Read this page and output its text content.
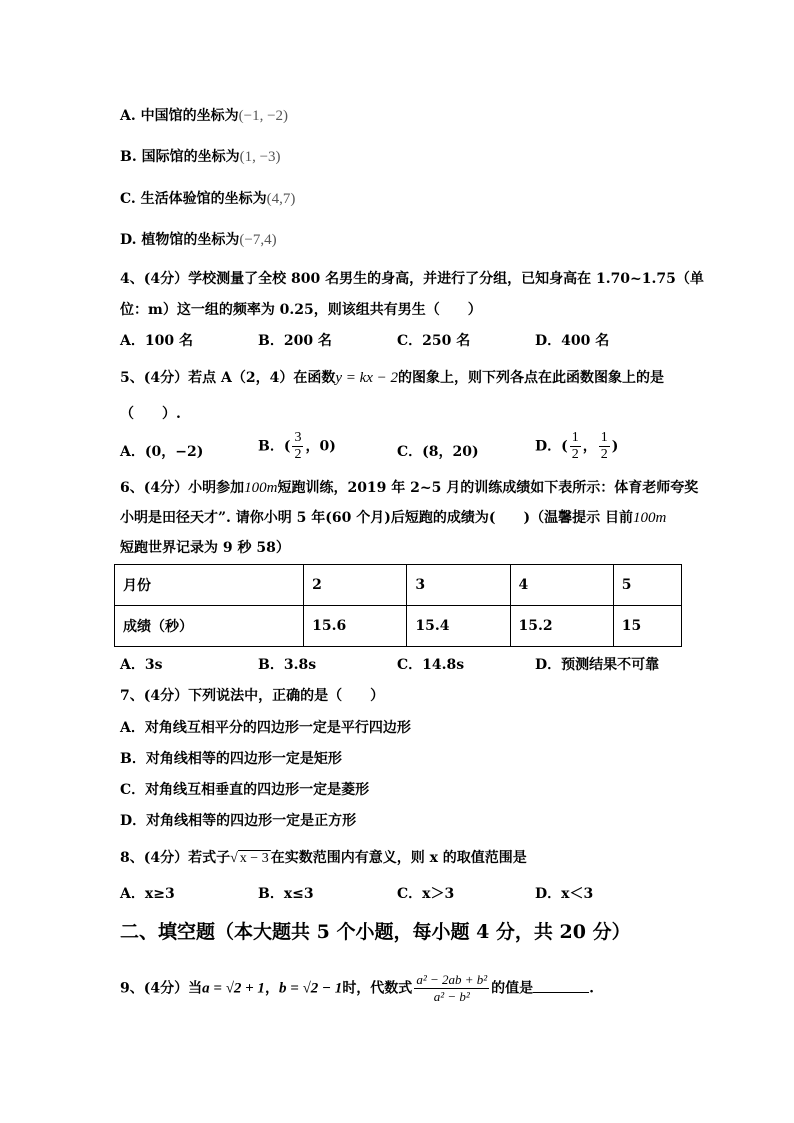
A. 中国馆的坐标为(−1, −2)
B. 国际馆的坐标为(1, −3)
C. 生活体验馆的坐标为(4,7)
D. 植物馆的坐标为(−7,4)
4、(4分）学校测量了全校 800 名男生的身高，并进行了分组，已知身高在 1.70~1.75（单
位：m）这一组的频率为 0.25，则该组共有男生（　　）
A．100 名	B．200 名	C．250 名	D．400 名
5、(4分）若点 A（2，4）在函数y = kx − 2的图象上，则下列各点在此函数图象上的是
（　　）.
A．(0，−2)	B．( $\frac{3}{2}$ ，0)	C．(8，20)	D．( $\frac{1}{2}$ ， $\frac{1}{2}$ )
6、(4分）小明参加100m短跑训练，2019 年 2~5 月的训练成绩如下表所示：体育老师夸奖
小明是田径天才”. 请你小明 5 年(60 个月)后短跑的成绩为(　　)（温馨提示 目前100m
短跑世界记录为 9 秒 58）
月份	2	3	4	5
成绩（秒）	15.6	15.4	15.2	15
A．3s	B．3.8s	C．14.8s	D．预测结果不可靠
7、(4分）下列说法中，正确的是（　　）
A．对角线互相平分的四边形一定是平行四边形
B．对角线相等的四边形一定是矩形
C．对角线互相垂直的四边形一定是菱形
D．对角线相等的四边形一定是正方形
8、(4分）若式子√ x − 3 在实数范围内有意义，则 x 的取值范围是
A．x≥3	B．x≤3	C．x＞3	D．x＜3
二、填空题（本大题共 5 个小题，每小题 4 分，共 20 分）
9、(4分）当a = √2 + 1，b = √2 − 1时，代数式 $\frac{\text{a² − 2ab + b²}}{\text{a² − b²}}$ 的值是	.
